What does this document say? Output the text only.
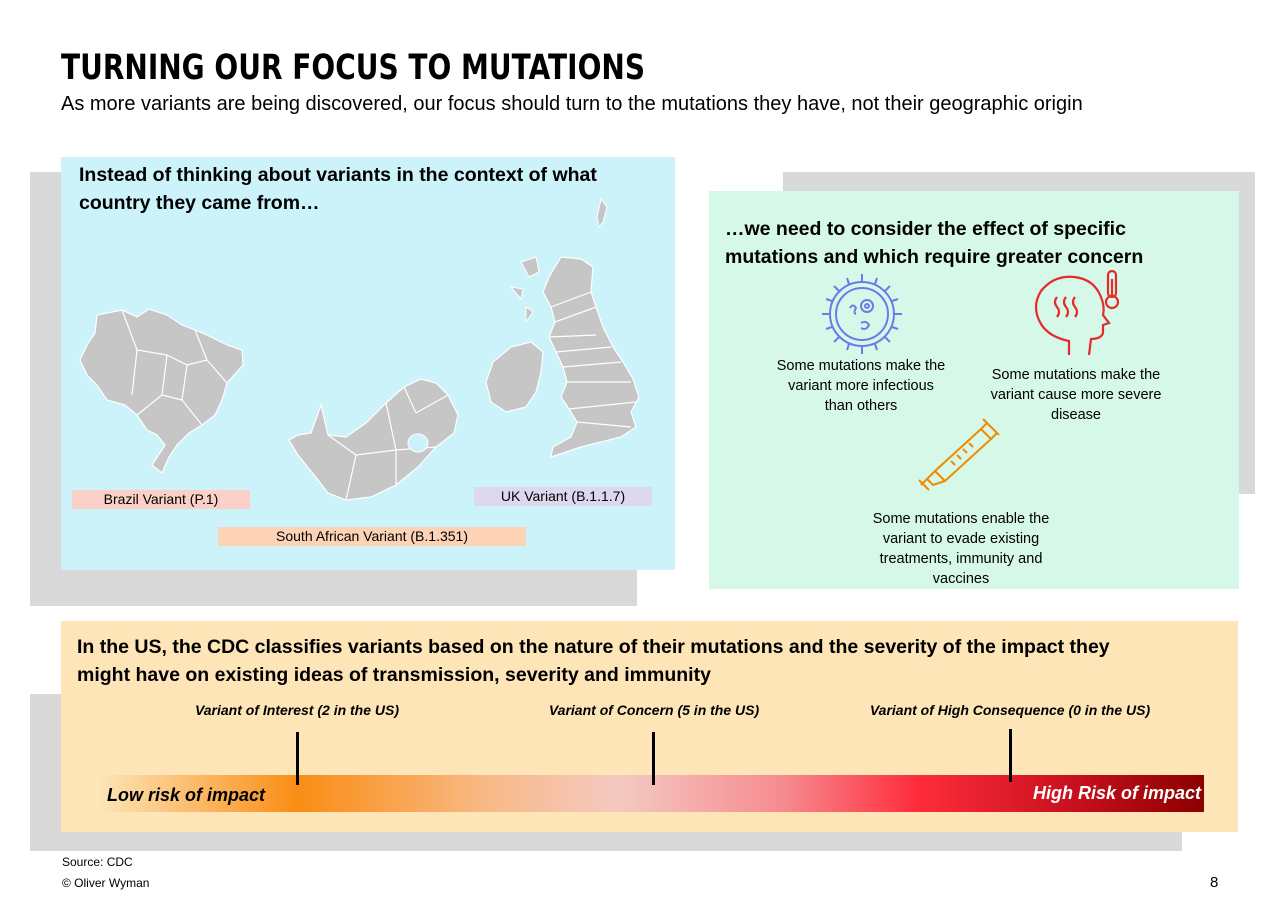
TURNING OUR FOCUS TO MUTATIONS
As more variants are being discovered, our focus should turn to the mutations they have, not their geographic origin
Instead of thinking about variants in the context of what
country they came from…
Brazil Variant (P.1)	UK Variant (B.1.1.7)
South African Variant (B.1.351)
…we need to consider the effect of specific
mutations and which require greater concern
Some mutations make the variant more infectious than others
Some mutations make the variant cause more severe disease
Some mutations enable the variant to evade existing treatments, immunity and vaccines
In the US, the CDC classifies variants based on the nature of their mutations and the severity of the impact they
might have on existing ideas of transmission, severity and immunity
Variant of Interest (2 in the US)	Variant of Concern (5 in the US)	Variant of High Consequence (0 in the US)
Low risk of impact	High Risk of impact
Source: CDC
© Oliver Wyman	8
